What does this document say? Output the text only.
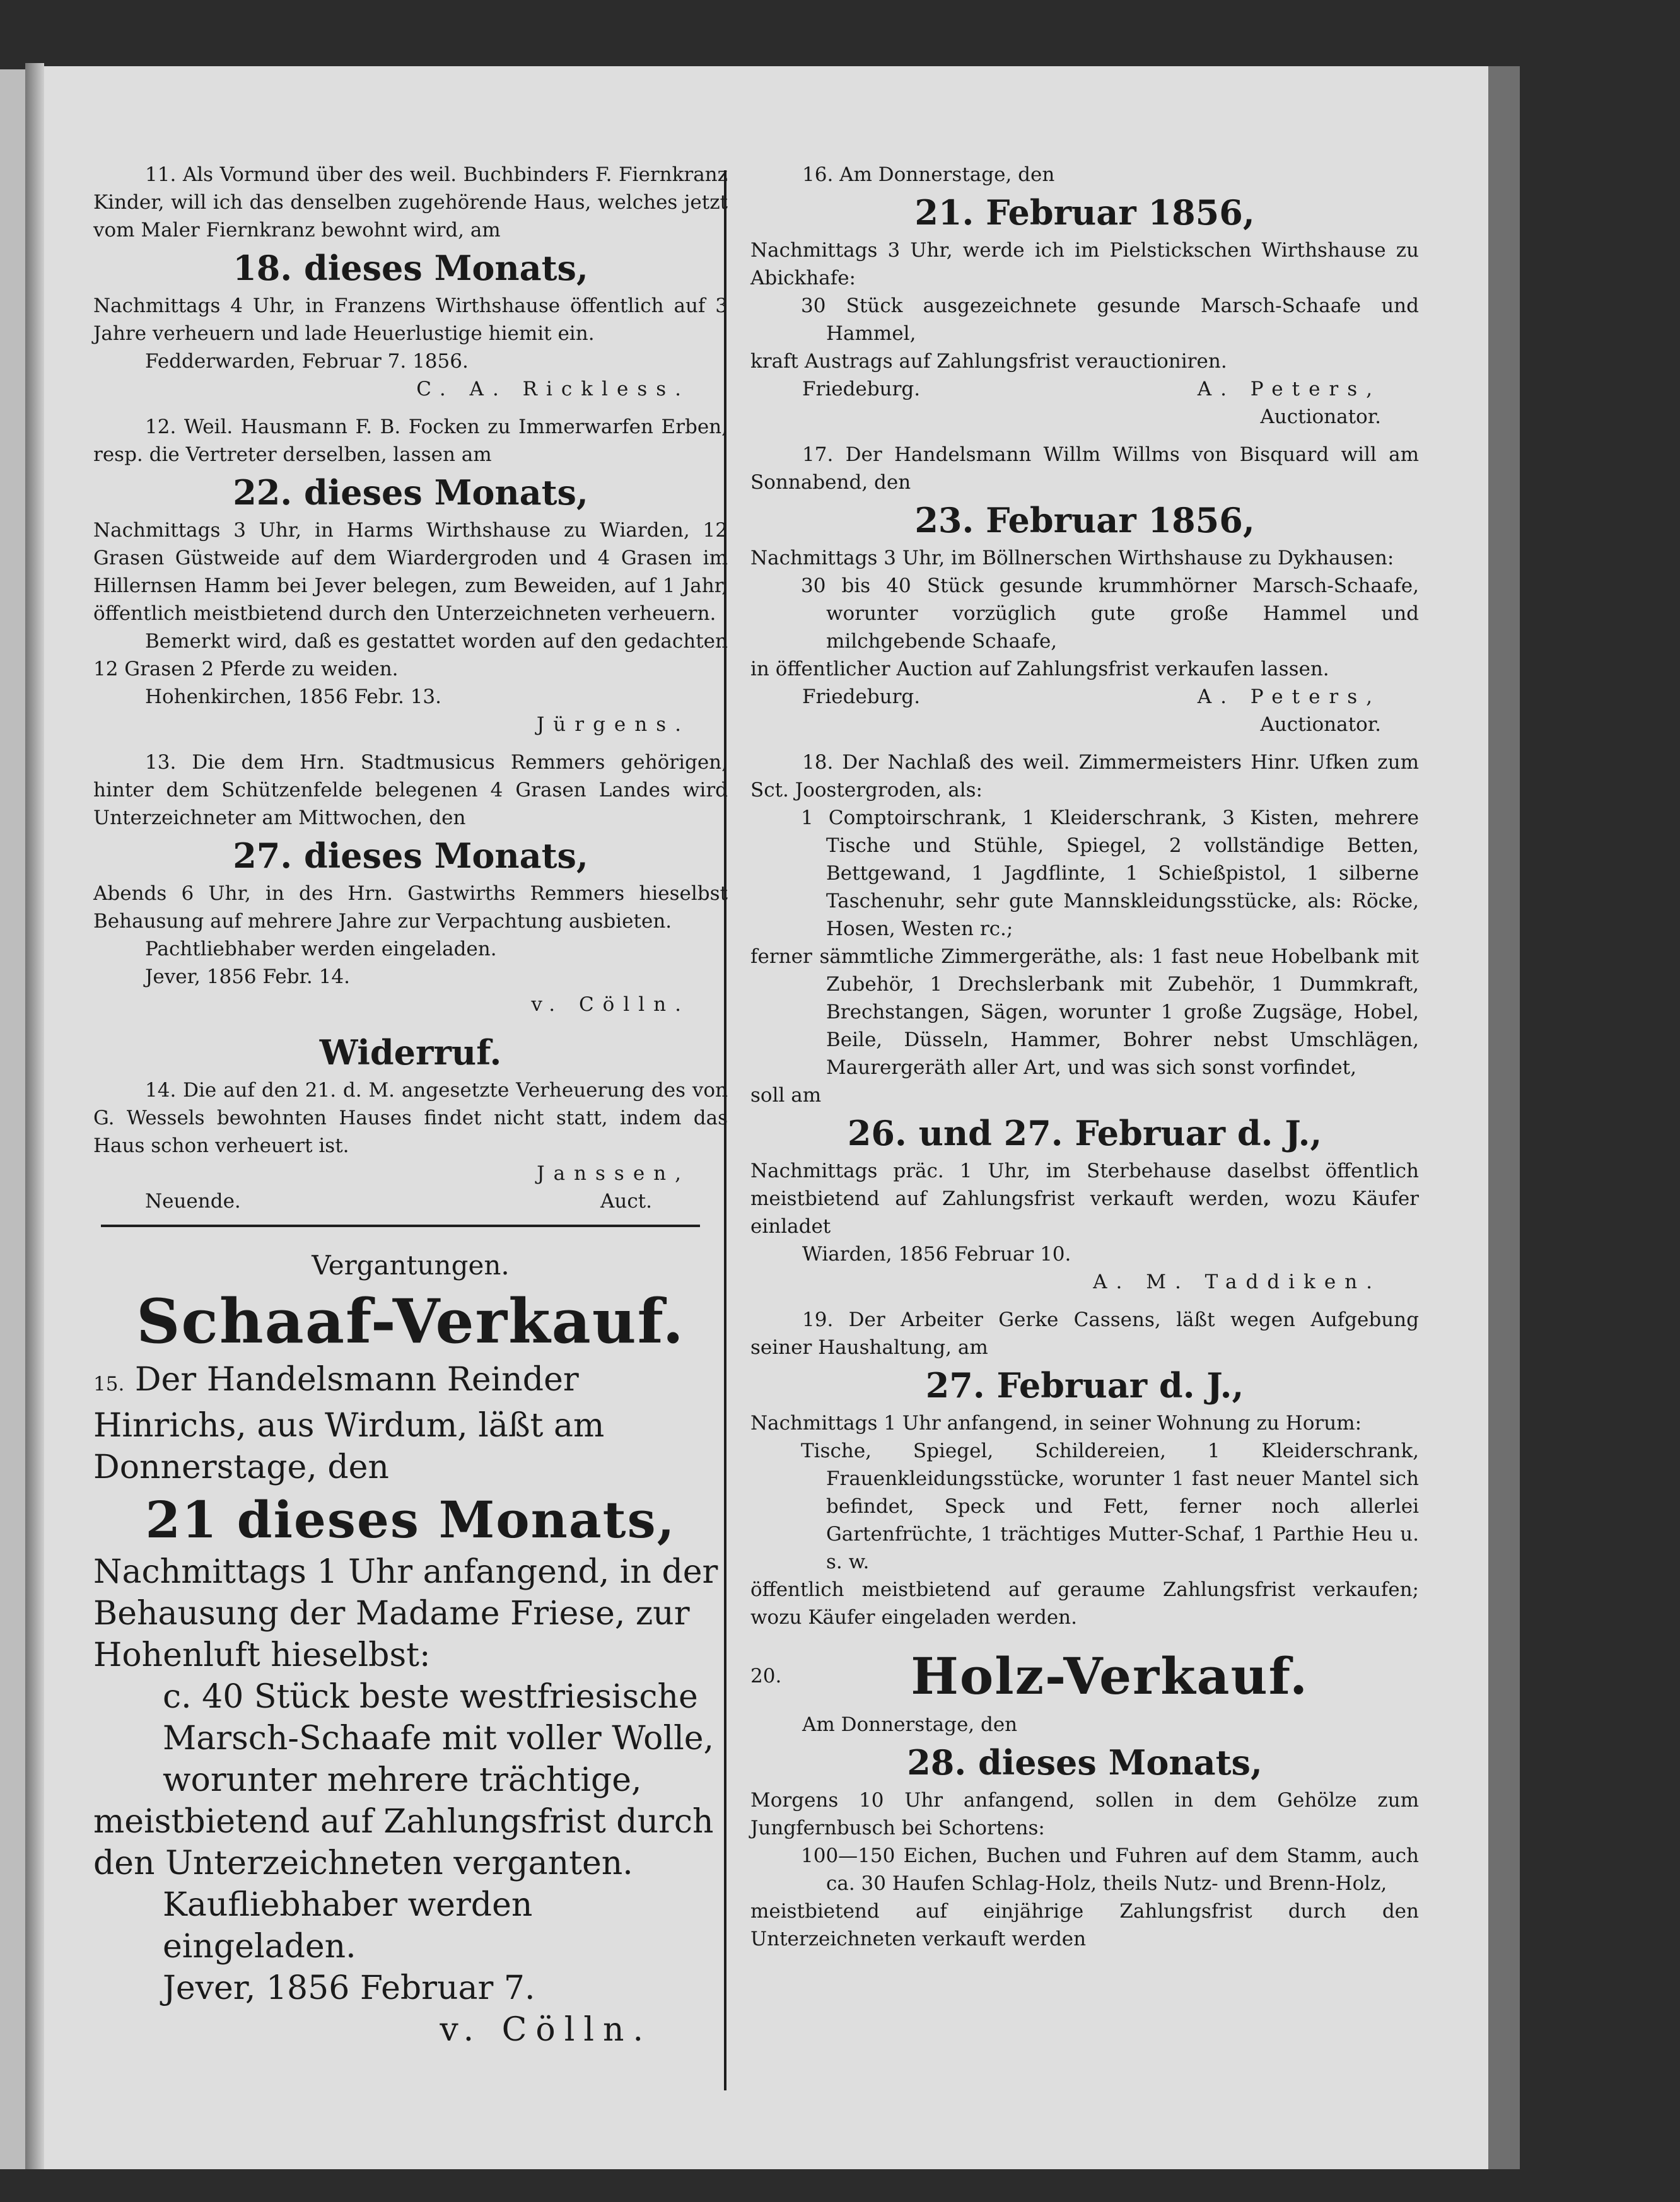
11. Als Vormund über des weil. Buchbinders F. Fiernkranz Kinder, will ich das denselben zugehörende Haus, welches jetzt vom Maler Fiernkranz bewohnt wird, am

18. dieses Monats,

Nachmittags 4 Uhr, in Franzens Wirthshause öffentlich auf 3 Jahre verheuern und lade Heuerlustige hiemit ein.

Fedderwarden, Februar 7. 1856.

C. A. Rickless.

12. Weil. Hausmann F. B. Focken zu Immerwarfen Erben, resp. die Vertreter derselben, lassen am

22. dieses Monats,

Nachmittags 3 Uhr, in Harms Wirthshause zu Wiarden, 12 Grasen Güstweide auf dem Wiardergroden und 4 Grasen im Hillernsen Hamm bei Jever belegen, zum Beweiden, auf 1 Jahr, öffentlich meistbietend durch den Unterzeichneten verheuern.

Bemerkt wird, daß es gestattet worden auf den gedachten 12 Grasen 2 Pferde zu weiden.

Hohenkirchen, 1856 Febr. 13.

Jürgens.

13. Die dem Hrn. Stadtmusicus Remmers gehörigen, hinter dem Schützenfelde belegenen 4 Grasen Landes wird Unterzeichneter am Mittwochen, den

27. dieses Monats,

Abends 6 Uhr, in des Hrn. Gastwirths Remmers hieselbst Behausung auf mehrere Jahre zur Verpachtung ausbieten.

Pachtliebhaber werden eingeladen.

Jever, 1856 Febr. 14.

v. Cölln.

Widerruf.

14. Die auf den 21. d. M. angesetzte Verheuerung des von G. Wessels bewohnten Hauses findet nicht statt, indem das Haus schon verheuert ist.

Janssen,

Neuende.	Auct.

Vergantungen.
Schaaf-Verkauf.

15. Der Handelsmann Reinder Hinrichs, aus Wirdum, läßt am Donnerstage, den

21 dieses Monats,

Nachmittags 1 Uhr anfangend, in der Behausung der Madame Friese, zur Hohenluft hieselbst:

c. 40 Stück beste westfriesische Marsch-Schaafe mit voller Wolle, worunter mehrere trächtige,

meistbietend auf Zahlungsfrist durch den Unterzeichneten verganten.

Kaufliebhaber werden eingeladen.

Jever, 1856 Februar 7.

v. Cölln.

16. Am Donnerstage, den

21. Februar 1856,

Nachmittags 3 Uhr, werde ich im Pielstickschen Wirthshause zu Abickhafe:

30 Stück ausgezeichnete gesunde Marsch-Schaafe und Hammel,

kraft Austrags auf Zahlungsfrist verauctioniren.

Friedeburg.	A. Peters,

Auctionator.

17. Der Handelsmann Willm Willms von Bisquard will am Sonnabend, den

23. Februar 1856,

Nachmittags 3 Uhr, im Böllnerschen Wirthshause zu Dykhausen:

30 bis 40 Stück gesunde krummhörner Marsch-Schaafe, worunter vorzüglich gute große Hammel und milchgebende Schaafe,

in öffentlicher Auction auf Zahlungsfrist verkaufen lassen.

Friedeburg.	A. Peters,

Auctionator.

18. Der Nachlaß des weil. Zimmermeisters Hinr. Ufken zum Sct. Joostergroden, als:

1 Comptoirschrank, 1 Kleiderschrank, 3 Kisten, mehrere Tische und Stühle, Spiegel, 2 vollständige Betten, Bettgewand, 1 Jagdflinte, 1 Schießpistol, 1 silberne Taschenuhr, sehr gute Mannskleidungsstücke, als: Röcke, Hosen, Westen rc.;

ferner sämmtliche Zimmergeräthe, als: 1 fast neue Hobelbank mit Zubehör, 1 Drechslerbank mit Zubehör, 1 Dummkraft, Brechstangen, Sägen, worunter 1 große Zugsäge, Hobel, Beile, Düsseln, Hammer, Bohrer nebst Umschlägen, Maurergeräth aller Art, und was sich sonst vorfindet,

soll am

26. und 27. Februar d. J.,

Nachmittags präc. 1 Uhr, im Sterbehause daselbst öffentlich meistbietend auf Zahlungsfrist verkauft werden, wozu Käufer einladet

Wiarden, 1856 Februar 10.

A. M. Taddiken.

19. Der Arbeiter Gerke Cassens, läßt wegen Aufgebung seiner Haushaltung, am

27. Februar d. J.,

Nachmittags 1 Uhr anfangend, in seiner Wohnung zu Horum:

Tische, Spiegel, Schildereien, 1 Kleiderschrank, Frauenkleidungsstücke, worunter 1 fast neuer Mantel sich befindet, Speck und Fett, ferner noch allerlei Gartenfrüchte, 1 trächtiges Mutter-Schaf, 1 Parthie Heu u. s. w.

öffentlich meistbietend auf geraume Zahlungsfrist verkaufen; wozu Käufer eingeladen werden.

20.	Holz-Verkauf.

Am Donnerstage, den

28. dieses Monats,

Morgens 10 Uhr anfangend, sollen in dem Gehölze zum Jungfernbusch bei Schortens:

100—150 Eichen, Buchen und Fuhren auf dem Stamm, auch ca. 30 Haufen Schlag-Holz, theils Nutz- und Brenn-Holz,

meistbietend auf einjährige Zahlungsfrist durch den Unterzeichneten verkauft werden
